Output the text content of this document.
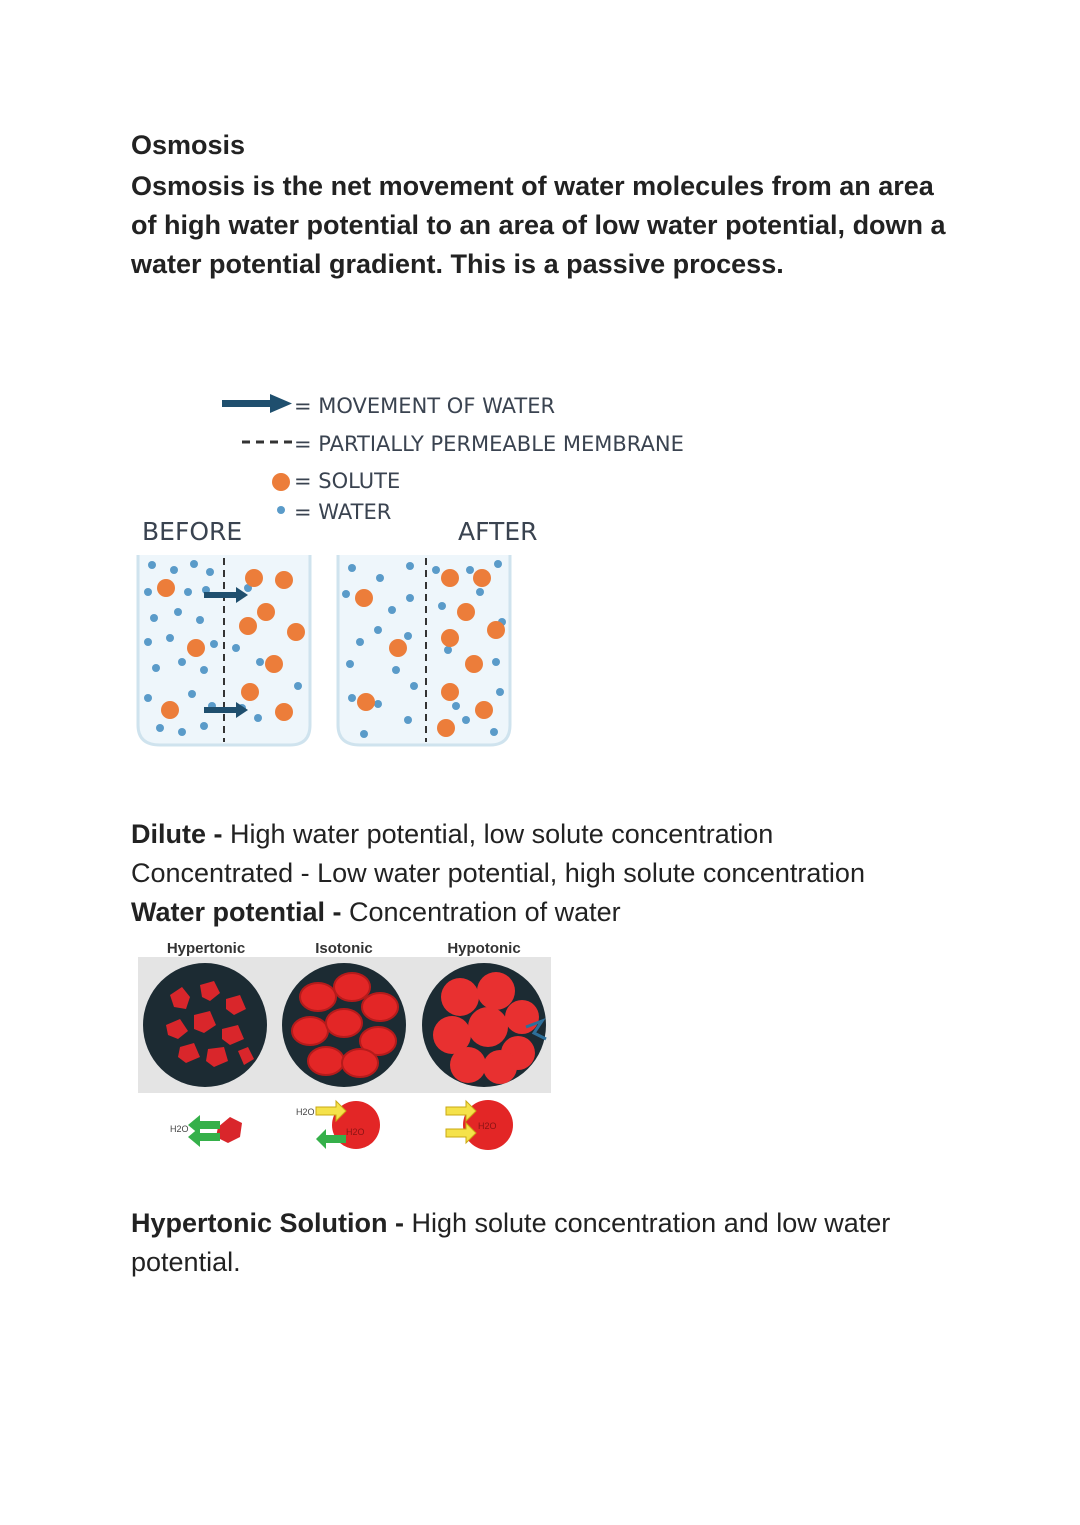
Osmosis

Osmosis is the net movement of water molecules from an area of high water potential to an area of low water potential, down a water potential gradient. This is a passive process.

= MOVEMENT OF WATER
= PARTIALLY PERMEABLE MEMBRANE
= SOLUTE
= WATER
BEFORE	AFTER
Dilute - High water potential, low solute concentration
Concentrated - Low water potential, high solute concentration
Water potential - Concentration of water
Hypertonic	Isotonic	Hypotonic
H2O
H2O
H2O
H2O
Hypertonic Solution - High solute concentration and low water potential.
